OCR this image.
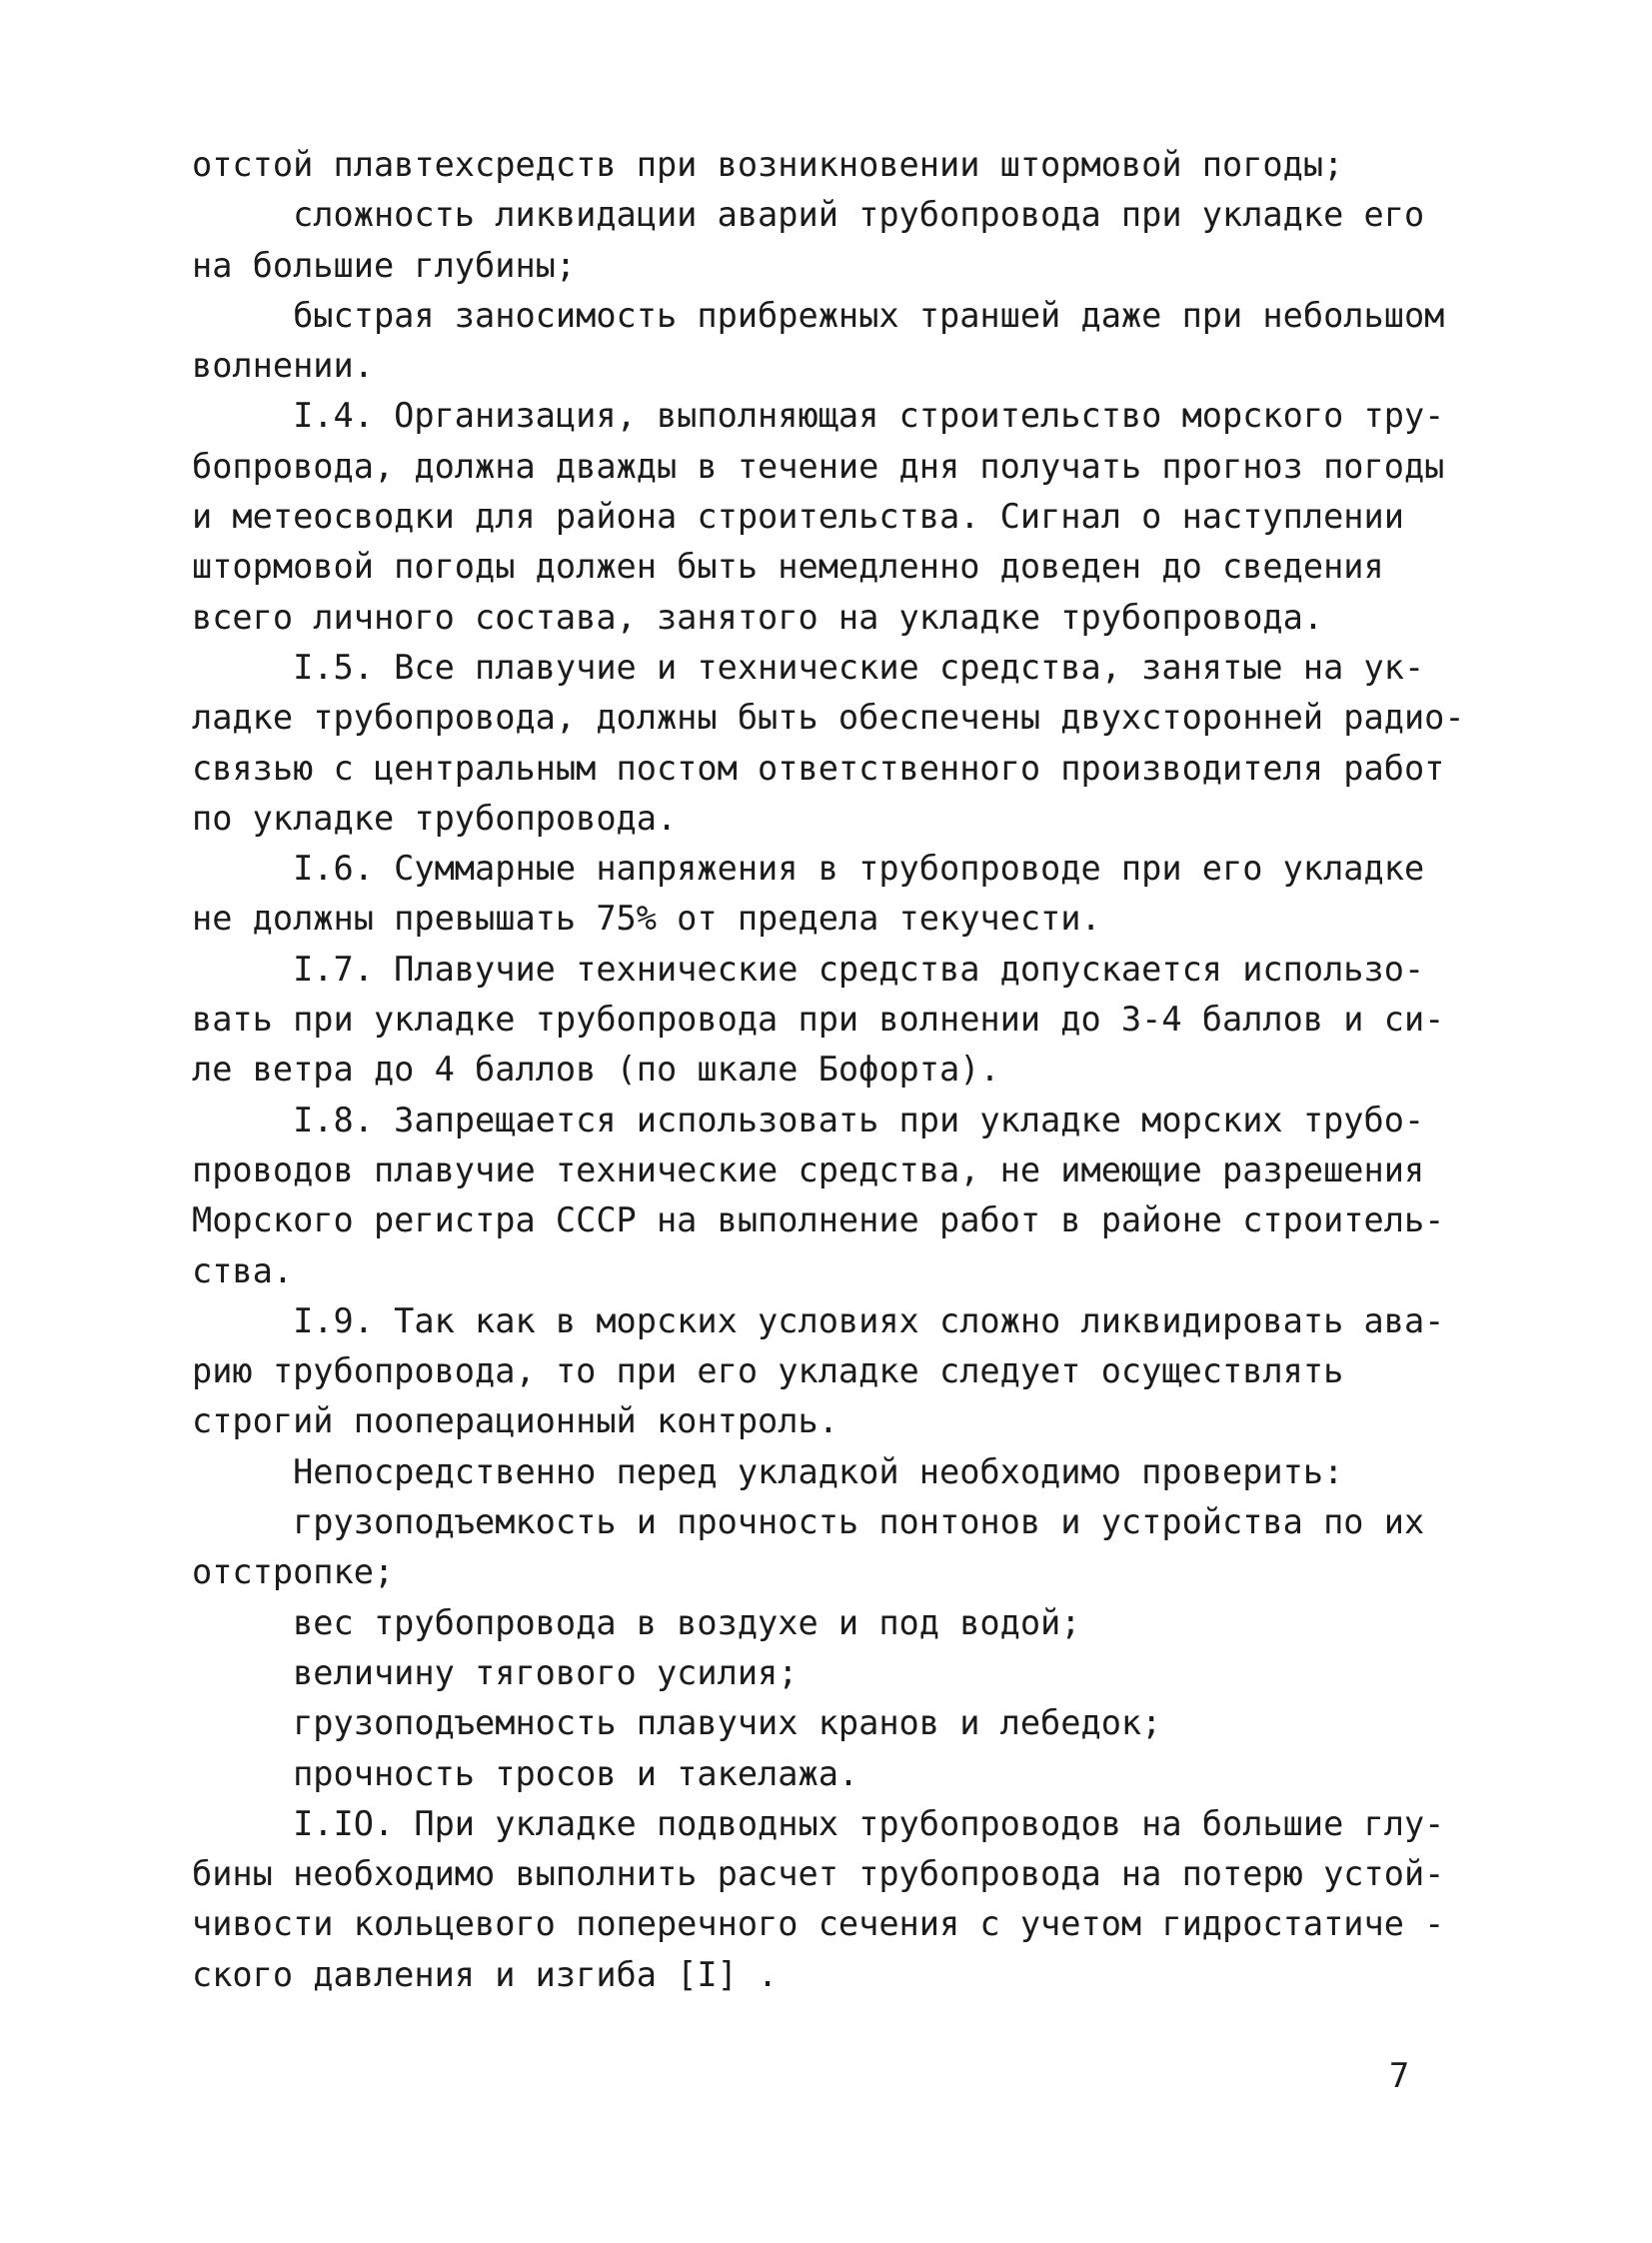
отстой плавтехсредств при возникновении штормовой погоды;
сложность ликвидации аварий трубопровода при укладке его
на большие глубины;
быстрая заносимость прибрежных траншей даже при небольшом
волнении.
I.4. Организация, выполняющая строительство морского тру-
бопровода, должна дважды в течение дня получать прогноз погоды
и метеосводки для района строительства. Сигнал о наступлении
штормовой погоды должен быть немедленно доведен до сведения
всего личного состава, занятого на укладке трубопровода.
I.5. Все плавучие и технические средства, занятые на ук-
ладке трубопровода, должны быть обеспечены двухсторонней радио-
связью с центральным постом ответственного производителя работ
по укладке трубопровода.
I.6. Суммарные напряжения в трубопроводе при его укладке
не должны превышать 75% от предела текучести.
I.7. Плавучие технические средства допускается использо-
вать при укладке трубопровода при волнении до 3-4 баллов и си-
ле ветра до 4 баллов (по шкале Бофорта).
I.8. Запрещается использовать при укладке морских трубо-
проводов плавучие технические средства, не имеющие разрешения
Морского регистра СССР на выполнение работ в районе строитель-
ства.
I.9. Так как в морских условиях сложно ликвидировать ава-
рию трубопровода, то при его укладке следует осуществлять
строгий пооперационный контроль.
Непосредственно перед укладкой необходимо проверить:
грузоподъемкость и прочность понтонов и устройства по их
отстропке;
вес трубопровода в воздухе и под водой;
величину тягового усилия;
грузоподъемность плавучих кранов и лебедок;
прочность тросов и такелажа.
I.IO. При укладке подводных трубопроводов на большие глу-
бины необходимо выполнить расчет трубопровода на потерю устой-
чивости кольцевого поперечного сечения с учетом гидростатиче -
ского давления и изгиба [I] .
7
